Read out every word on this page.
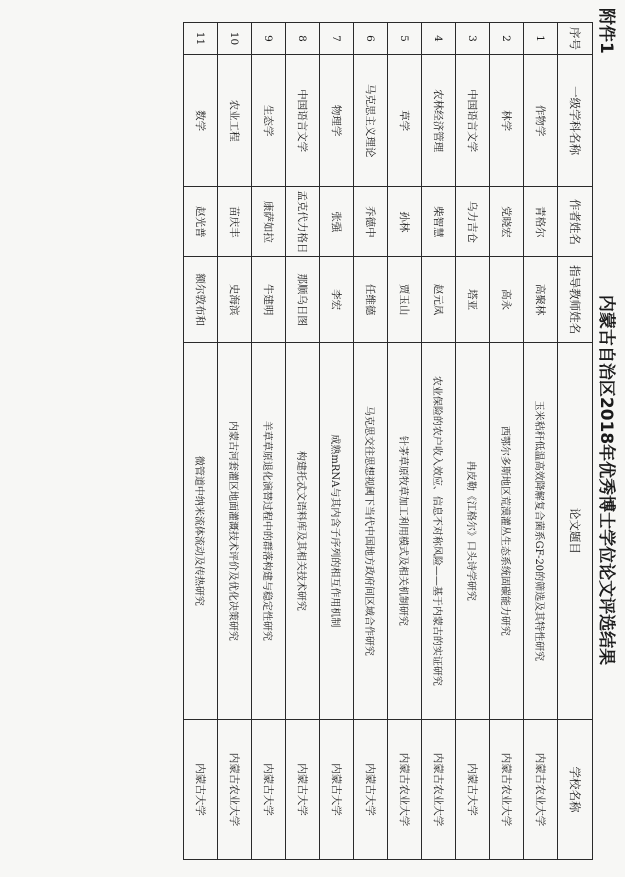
附件1
内蒙古自治区2018年优秀博士学位论文评选结果
序号	一级学科名称	作者姓名	指导教师姓名	论文题目	学校名称
1	作物学	青格尔	高聚林	玉米秸秆低温高效降解复合菌系GF-20的筛选及其特性研究	内蒙古农业大学
2	林学	党晓宏	高永	西鄂尔多斯地区荒漠灌丛生态系统固碳能力研究	内蒙古农业大学
3	中国语言文学	乌力吉仓	塔亚	冉皮勒《江格尔》口头诗学研究	内蒙古大学
4	农林经济管理	柴智慧	赵元凤	农业保险的农户收入效应、信息不对称风险——基于内蒙古的实证研究	内蒙古农业大学
5	草学	孙林	贾玉山	针茅草原牧草加工利用模式及相关机制研究	内蒙古农业大学
6	马克思主义理论	乔德中	任维德	马克思交往思想视阈下当代中国地方政府间区域合作研究	内蒙古大学
7	物理学	张强	李宏	成熟mRNA与其内含子序列的相互作用机制	内蒙古大学
8	中国语言文学	孟克代力格日	那顺乌日图	构建托忒文语料库及其相关技术研究	内蒙古大学
9	生态学	康萨如拉	牛建明	羊草草原退化演替过程中的群落构建与稳定性研究	内蒙古大学
10	农业工程	苗庆丰	史海滨	内蒙古河套灌区地面灌溉技术评价及优化决策研究	内蒙古农业大学
11	数学	赵光普	额尔敦布和	微管道中纳米流体流动及传热研究	内蒙古大学
